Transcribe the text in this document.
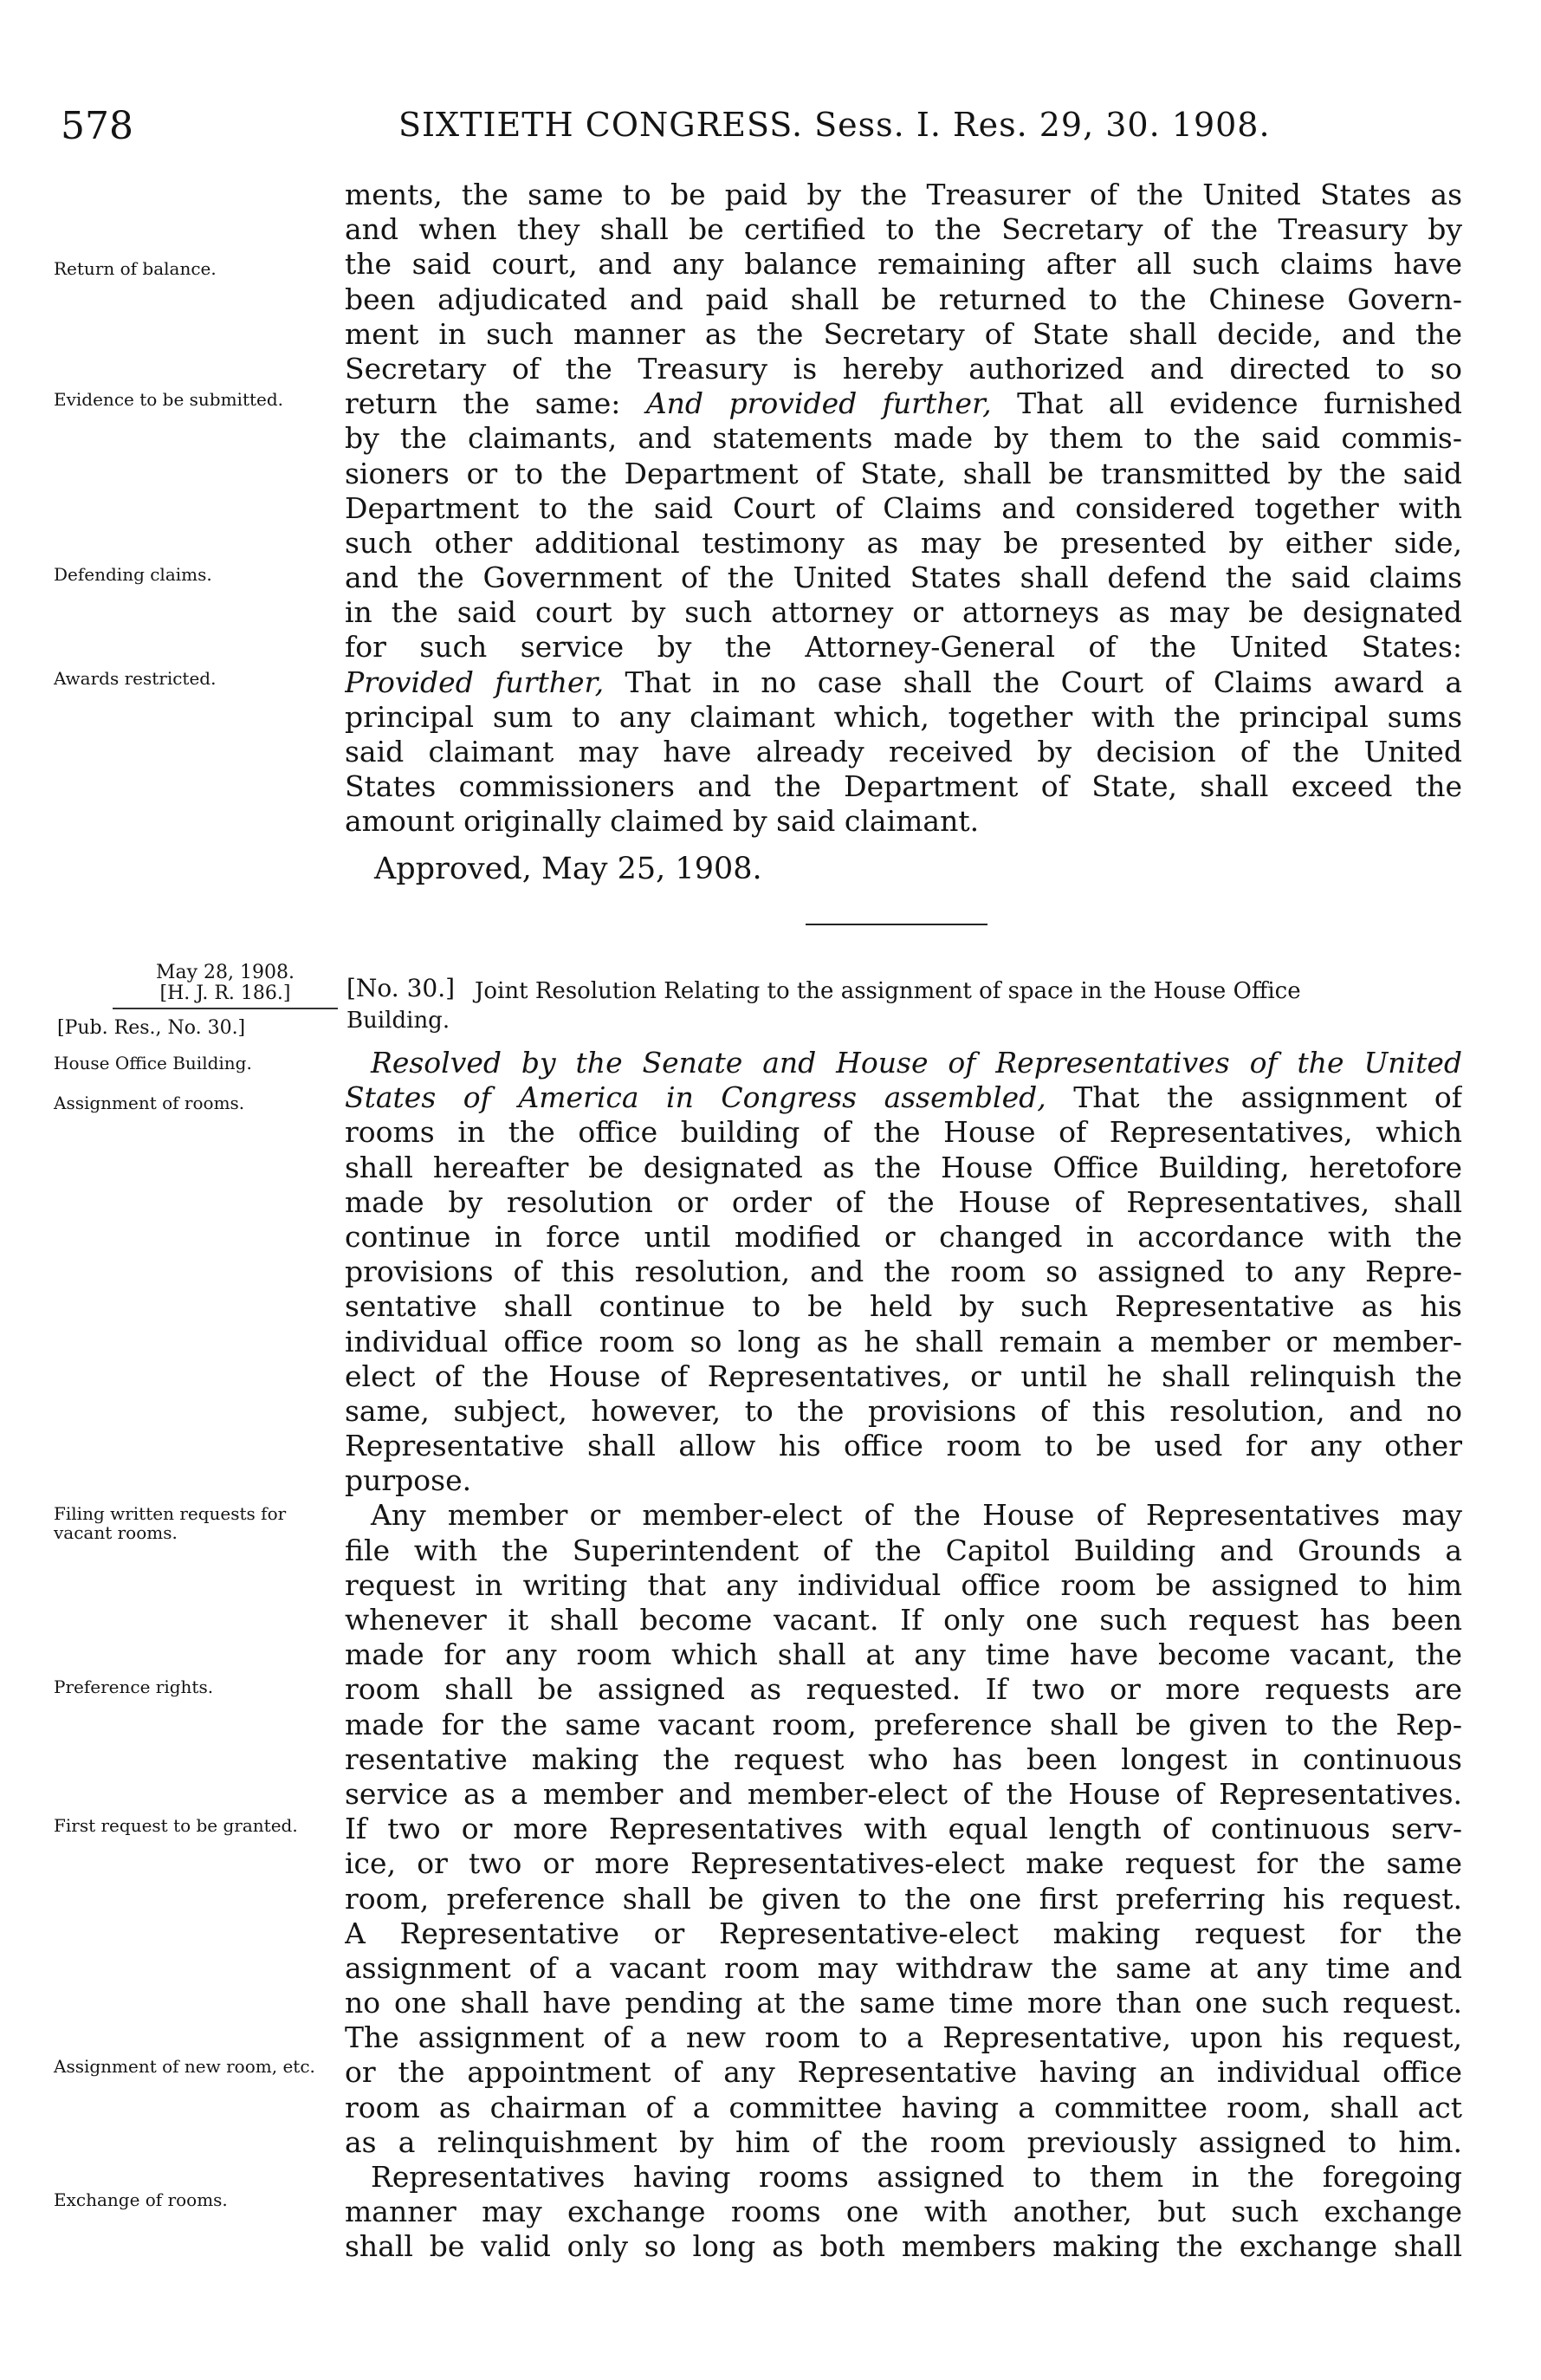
578	SIXTIETH CONGRESS. Sess. I. Res. 29, 30. 1908.
ments, the same to be paid by the Treasurer of the United States as
and when they shall be certified to the Secretary of the Treasury by
the said court, and any balance remaining after all such claims have
been adjudicated and paid shall be returned to the Chinese Govern-
ment in such manner as the Secretary of State shall decide, and the
Secretary of the Treasury is hereby authorized and directed to so
return the same: And provided further, That all evidence furnished
by the claimants, and statements made by them to the said commis-
sioners or to the Department of State, shall be transmitted by the said
Department to the said Court of Claims and considered together with
such other additional testimony as may be presented by either side,
and the Government of the United States shall defend the said claims
in the said court by such attorney or attorneys as may be designated
for such service by the Attorney-General of the United States:
Provided further, That in no case shall the Court of Claims award a
principal sum to any claimant which, together with the principal sums
said claimant may have already received by decision of the United
States commissioners and the Department of State, shall exceed the
amount originally claimed by said claimant.
Approved, May 25, 1908.
Return of balance.
Evidence to be submitted.
Defending claims.
Awards restricted.
May 28, 1908.
[H. J. R. 186.]
[Pub. Res., No. 30.]
[No. 30.] Joint Resolution Relating to the assignment of space in the House Office
Building.
Resolved by the Senate and House of Representatives of the United
States of America in Congress assembled, That the assignment of
rooms in the office building of the House of Representatives, which
shall hereafter be designated as the House Office Building, heretofore
made by resolution or order of the House of Representatives, shall
continue in force until modified or changed in accordance with the
provisions of this resolution, and the room so assigned to any Repre-
sentative shall continue to be held by such Representative as his
individual office room so long as he shall remain a member or member-
elect of the House of Representatives, or until he shall relinquish the
same, subject, however, to the provisions of this resolution, and no
Representative shall allow his office room to be used for any other
purpose.
Any member or member-elect of the House of Representatives may
file with the Superintendent of the Capitol Building and Grounds a
request in writing that any individual office room be assigned to him
whenever it shall become vacant. If only one such request has been
made for any room which shall at any time have become vacant, the
room shall be assigned as requested. If two or more requests are
made for the same vacant room, preference shall be given to the Rep-
resentative making the request who has been longest in continuous
service as a member and member-elect of the House of Representatives.
If two or more Representatives with equal length of continuous serv-
ice, or two or more Representatives-elect make request for the same
room, preference shall be given to the one first preferring his request.
A Representative or Representative-elect making request for the
assignment of a vacant room may withdraw the same at any time and
no one shall have pending at the same time more than one such request.
The assignment of a new room to a Representative, upon his request,
or the appointment of any Representative having an individual office
room as chairman of a committee having a committee room, shall act
as a relinquishment by him of the room previously assigned to him.
Representatives having rooms assigned to them in the foregoing
manner may exchange rooms one with another, but such exchange
shall be valid only so long as both members making the exchange shall
House Office Building.
Assignment of rooms.
Filing written requests for vacant rooms.
Preference rights.
First request to be granted.
Assignment of new room, etc.
Exchange of rooms.
